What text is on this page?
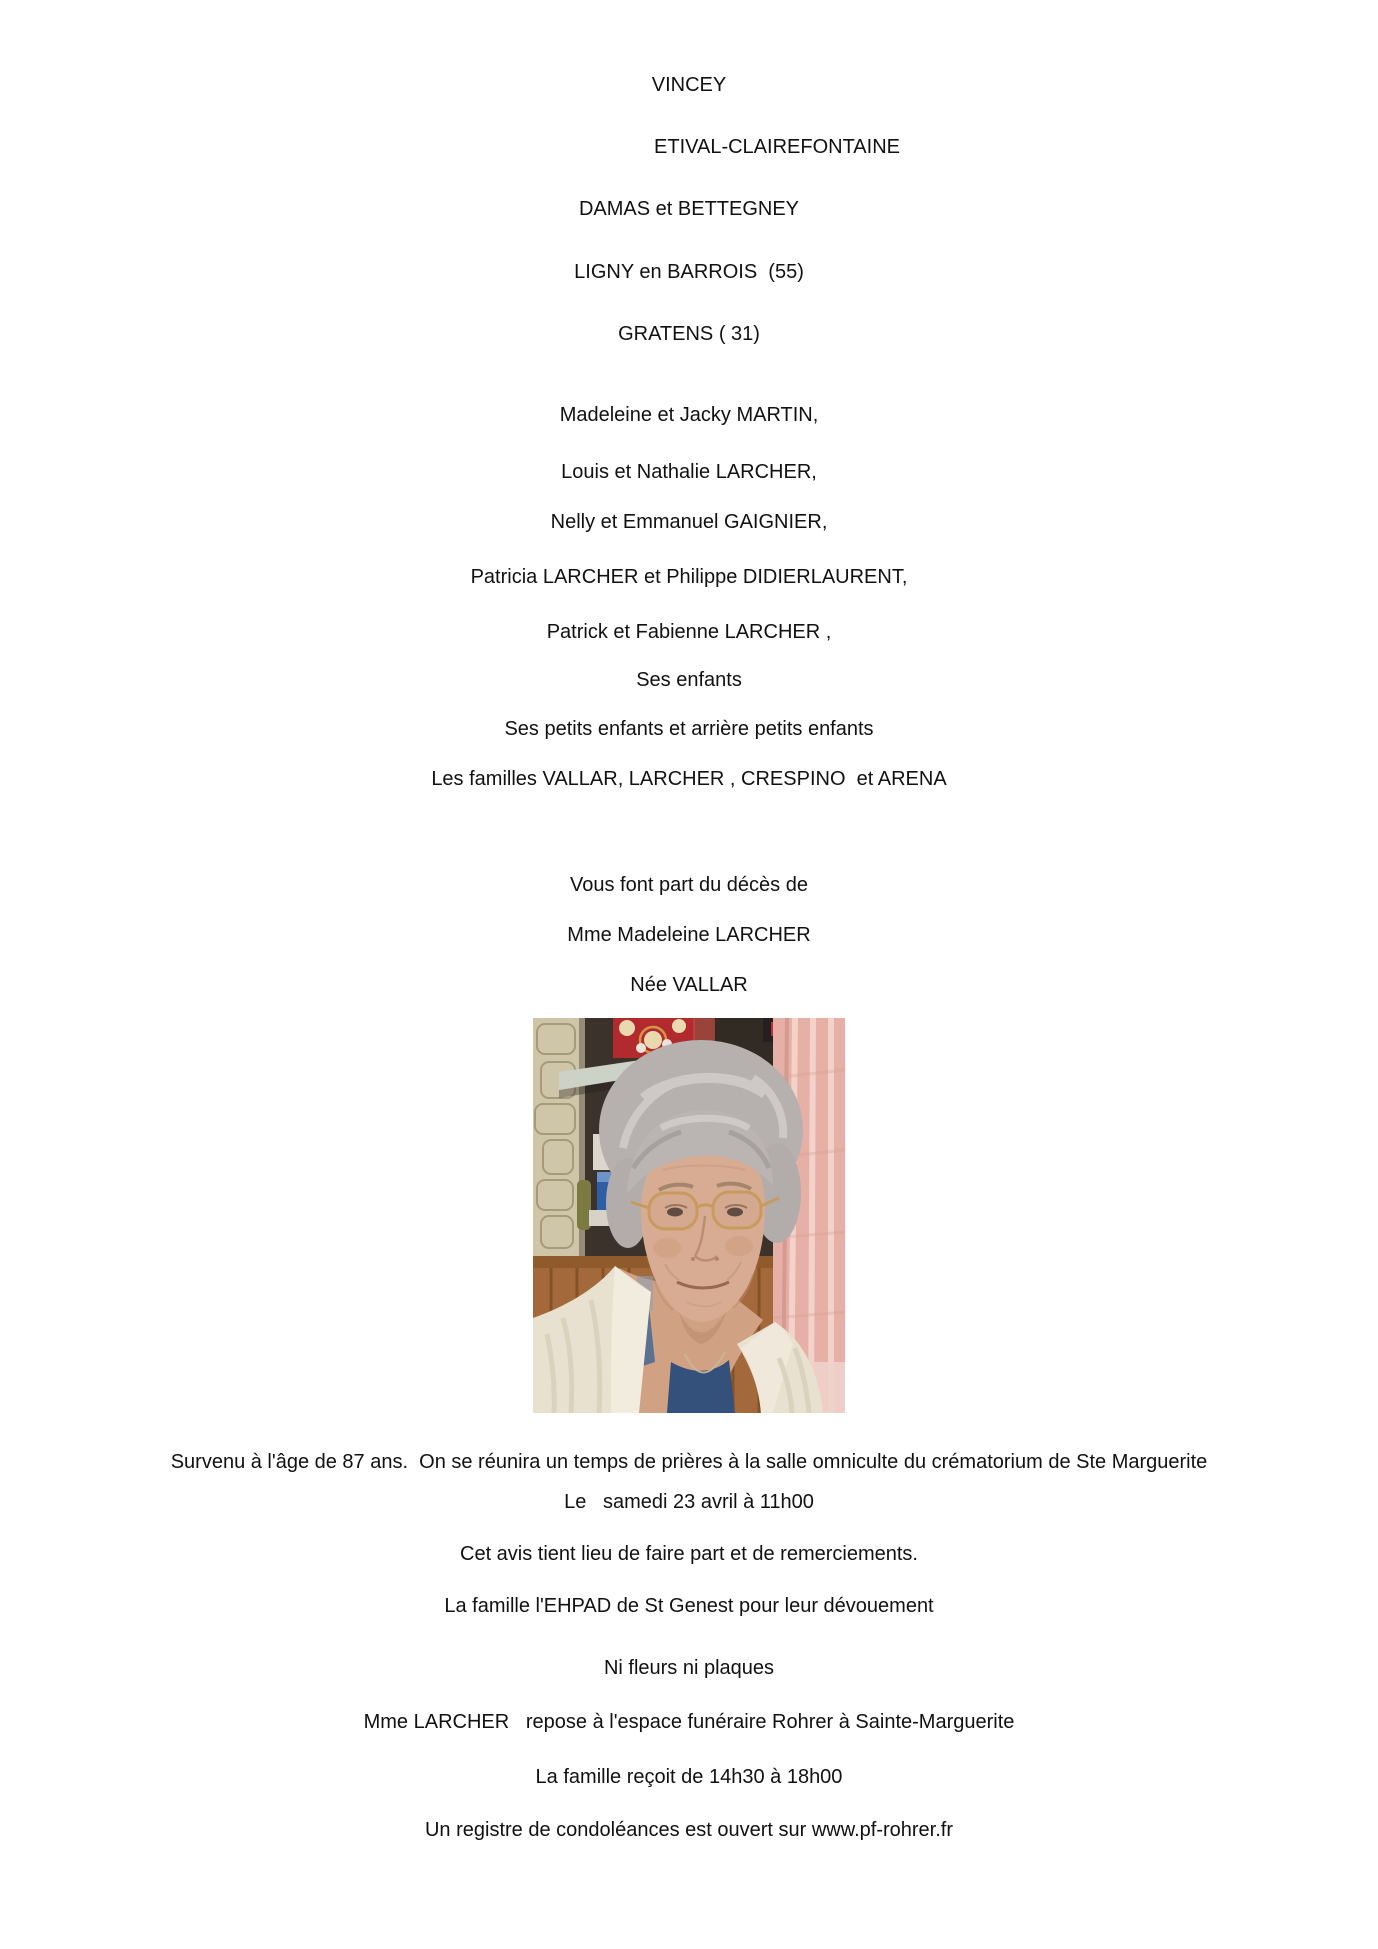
VINCEY

ETIVAL-CLAIREFONTAINE

DAMAS et BETTEGNEY

LIGNY en BARROIS  (55)

GRATENS ( 31)

Madeleine et Jacky MARTIN,

Louis et Nathalie LARCHER,

Nelly et Emmanuel GAIGNIER,

Patricia LARCHER et Philippe DIDIERLAURENT,

Patrick et Fabienne LARCHER ,

Ses enfants

Ses petits enfants et arrière petits enfants

Les familles VALLAR, LARCHER , CRESPINO  et ARENA

Vous font part du décès de

Mme Madeleine LARCHER

Née VALLAR

Survenu à l'âge de 87 ans.  On se réunira un temps de prières à la salle omniculte du crématorium de Ste Marguerite

Le   samedi 23 avril à 11h00

Cet avis tient lieu de faire part et de remerciements.

La famille l'EHPAD de St Genest pour leur dévouement

Ni fleurs ni plaques

Mme LARCHER   repose à l'espace funéraire Rohrer à Sainte-Marguerite

La famille reçoit de 14h30 à 18h00

Un registre de condoléances est ouvert sur www.pf-rohrer.fr
